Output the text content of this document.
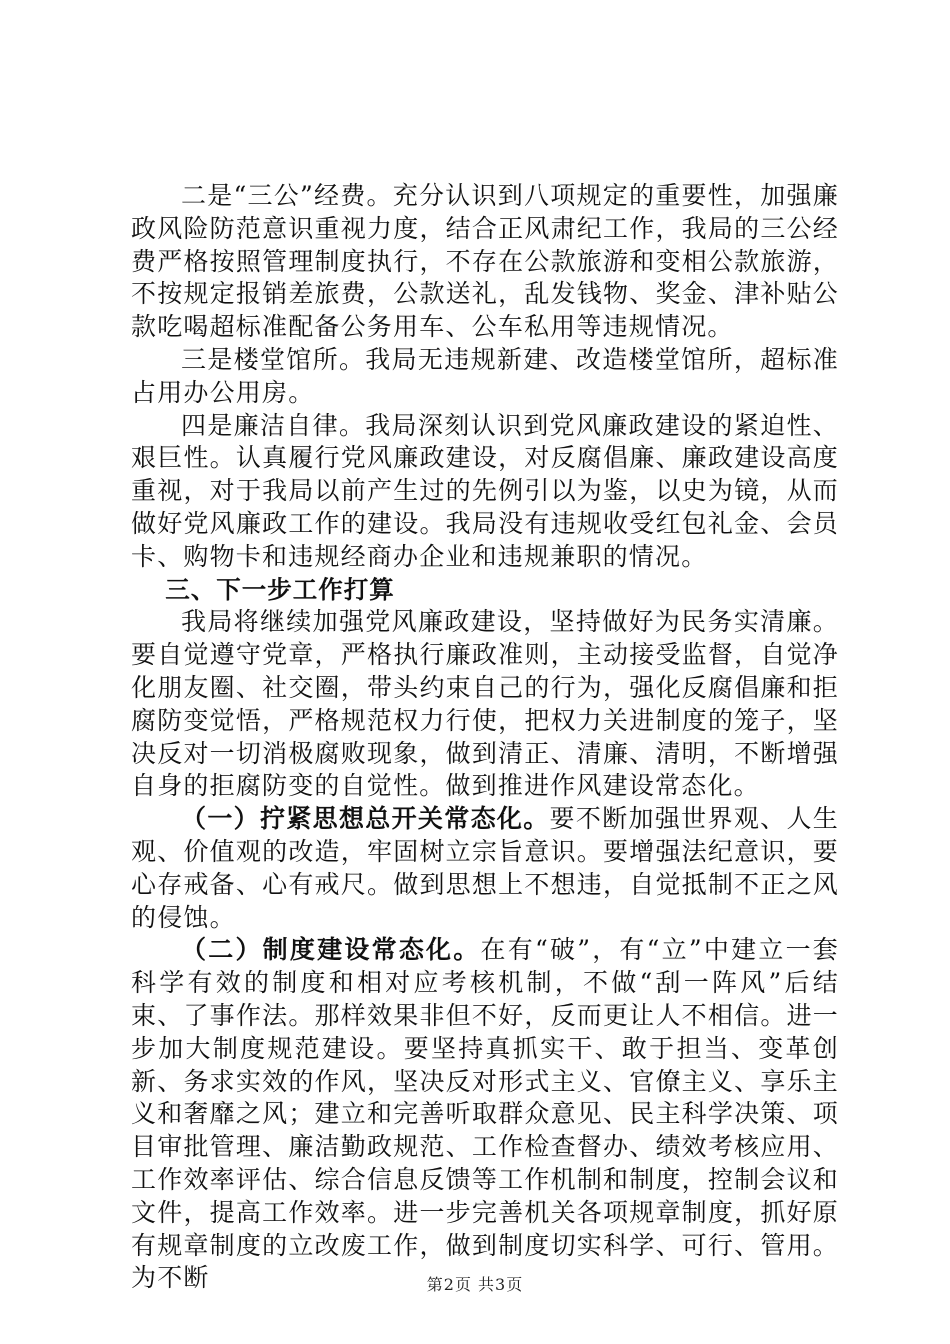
二是“三公”经费。充分认识到八项规定的重要性，加强廉政风险防范意识重视力度，结合正风肃纪工作，我局的三公经费严格按照管理制度执行，不存在公款旅游和变相公款旅游，不按规定报销差旅费，公款送礼，乱发钱物、奖金、津补贴公款吃喝超标准配备公务用车、公车私用等违规情况。

三是楼堂馆所。我局无违规新建、改造楼堂馆所，超标准占用办公用房。

四是廉洁自律。我局深刻认识到党风廉政建设的紧迫性、艰巨性。认真履行党风廉政建设，对反腐倡廉、廉政建设高度重视，对于我局以前产生过的先例引以为鉴，以史为镜，从而做好党风廉政工作的建设。我局没有违规收受红包礼金、会员卡、购物卡和违规经商办企业和违规兼职的情况。

三、下一步工作打算

我局将继续加强党风廉政建设，坚持做好为民务实清廉。要自觉遵守党章，严格执行廉政准则，主动接受监督，自觉净化朋友圈、社交圈，带头约束自己的行为，强化反腐倡廉和拒腐防变觉悟，严格规范权力行使，把权力关进制度的笼子，坚决反对一切消极腐败现象，做到清正、清廉、清明，不断增强自身的拒腐防变的自觉性。做到推进作风建设常态化。

（一）拧紧思想总开关常态化。要不断加强世界观、人生观、价值观的改造，牢固树立宗旨意识。要增强法纪意识，要心存戒备、心有戒尺。做到思想上不想违，自觉抵制不正之风的侵蚀。

（二）制度建设常态化。在有“破”，有“立”中建立一套科学有效的制度和相对应考核机制，不做“刮一阵风”后结束、了事作法。那样效果非但不好，反而更让人不相信。进一步加大制度规范建设。要坚持真抓实干、敢于担当、变革创新、务求实效的作风，坚决反对形式主义、官僚主义、享乐主义和奢靡之风；建立和完善听取群众意见、民主科学决策、项目审批管理、廉洁勤政规范、工作检查督办、绩效考核应用、工作效率评估、综合信息反馈等工作机制和制度，控制会议和文件，提高工作效率。进一步完善机关各项规章制度，抓好原有规章制度的立改废工作，做到制度切实科学、可行、管用。为不断	第2页 共3页
